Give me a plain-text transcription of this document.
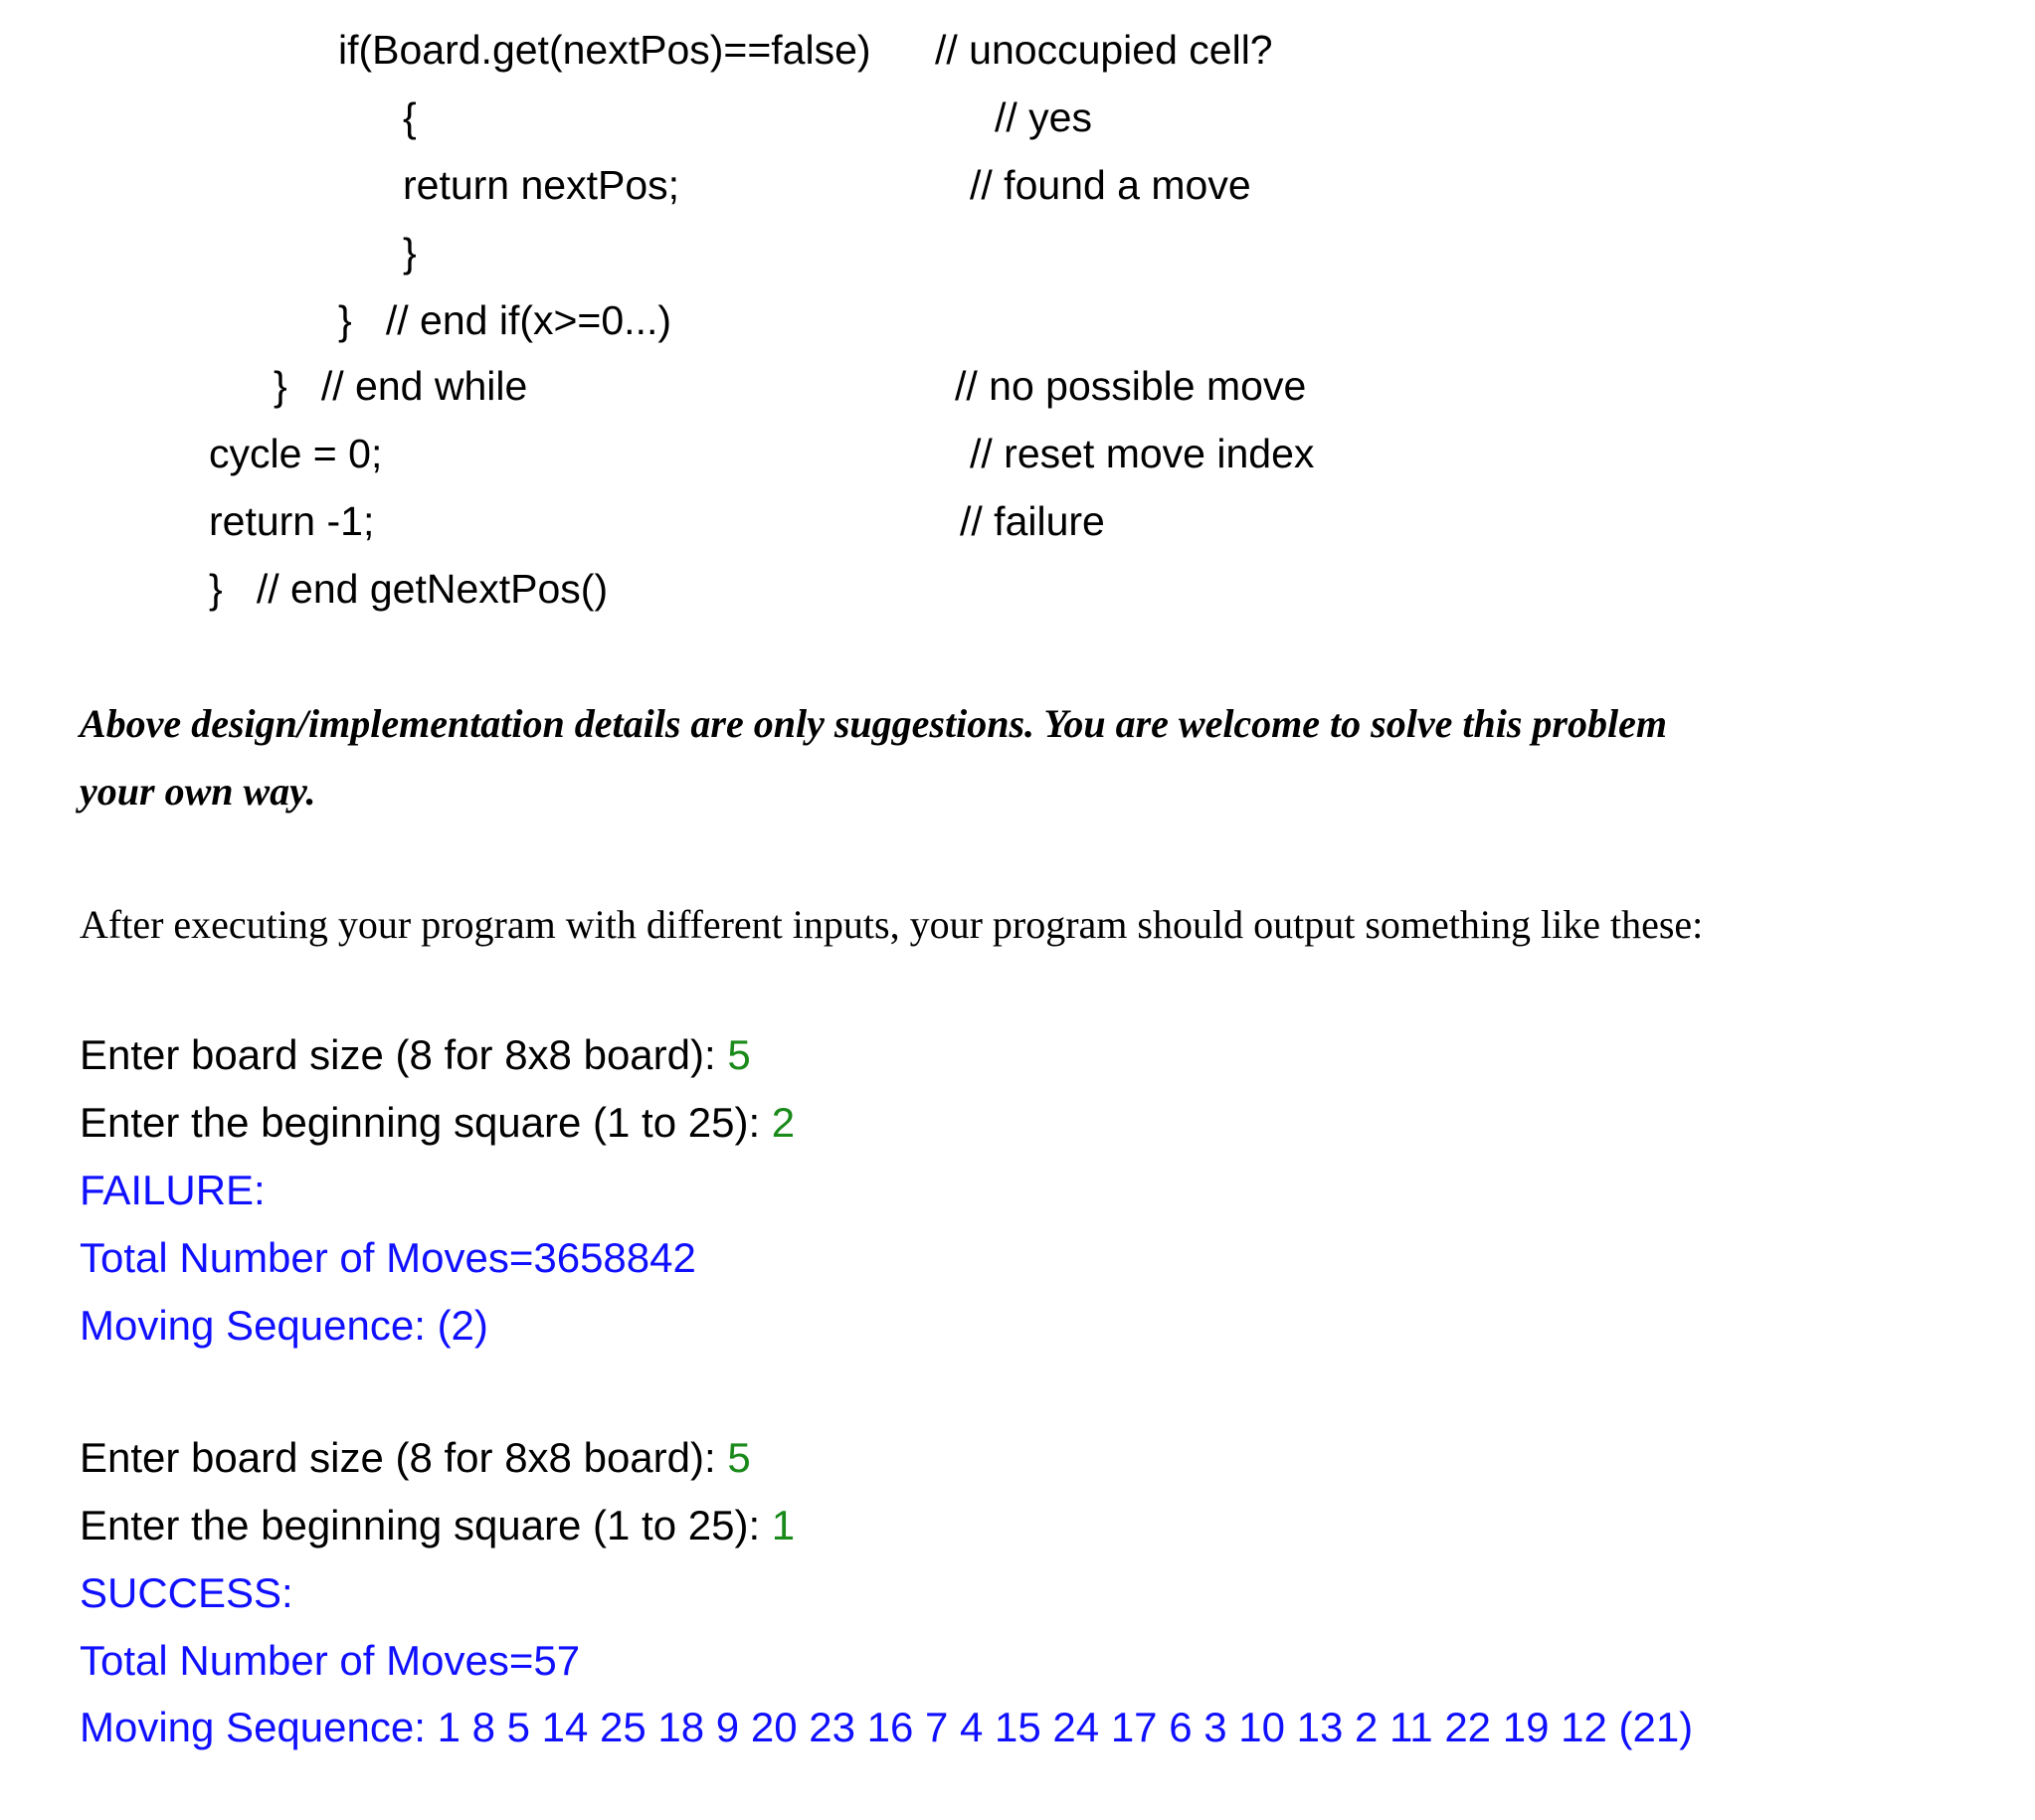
if(Board.get(nextPos)==false) // unoccupied cell?
{	// yes
return nextPos;	// found a move
}
}   // end if(x>=0...)
}   // end while	// no possible move
cycle = 0;	// reset move index
return -1;	// failure
}   // end getNextPos()
Above design/implementation details are only suggestions. You are welcome to solve this problem
your own way.
After executing your program with different inputs, your program should output something like these:
Enter board size (8 for 8x8 board): 5
Enter the beginning square (1 to 25): 2
FAILURE:
Total Number of Moves=3658842
Moving Sequence: (2)
Enter board size (8 for 8x8 board): 5
Enter the beginning square (1 to 25): 1
SUCCESS:
Total Number of Moves=57
Moving Sequence: 1 8 5 14 25 18 9 20 23 16 7 4 15 24 17 6 3 10 13 2 11 22 19 12 (21)
